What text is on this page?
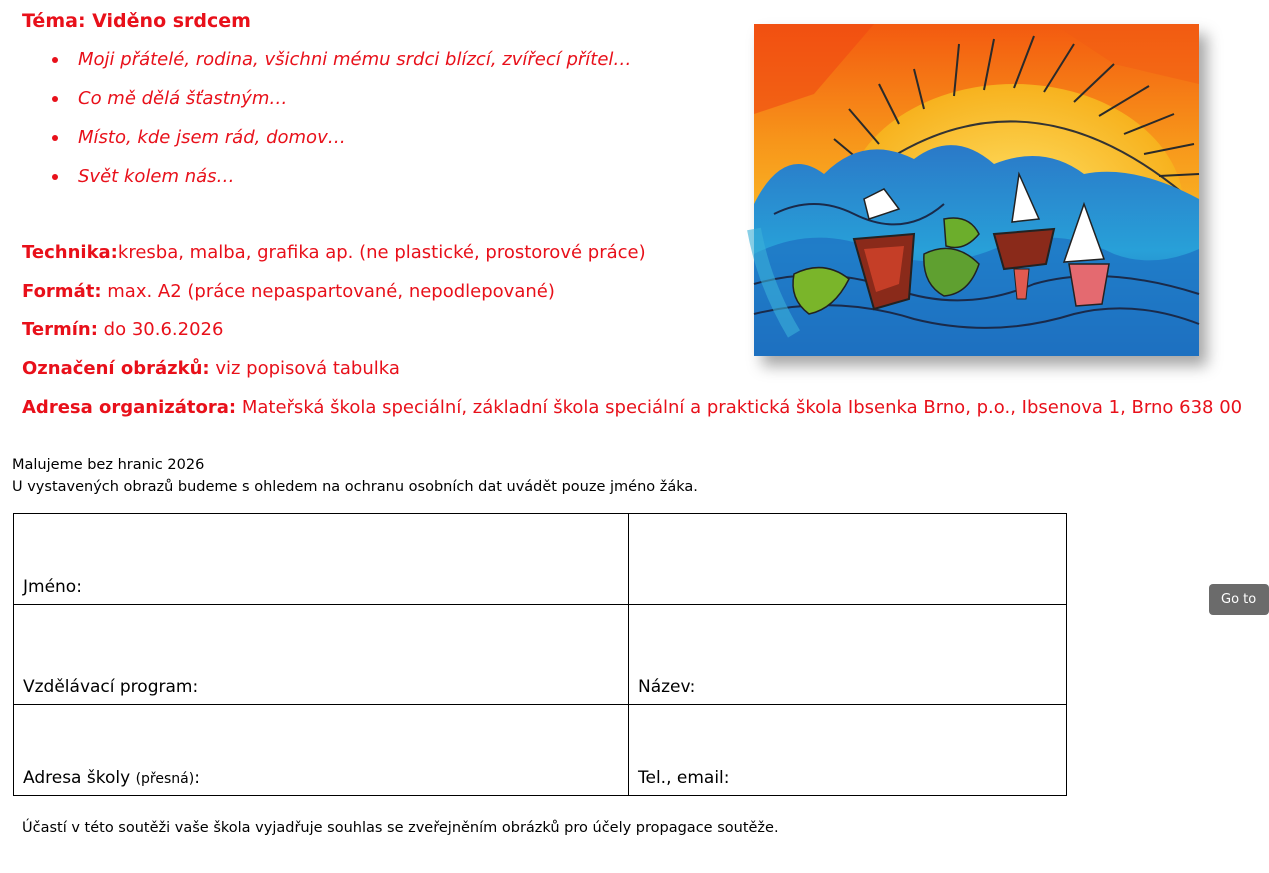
Téma: Viděno srdcem
Moji přátelé, rodina, všichni mému srdci blízcí, zvířecí přítel…
Co mě dělá šťastným…
Místo, kde jsem rád, domov…
Svět kolem nás…
Technika:kresba, malba, grafika ap. (ne plastické, prostorové práce)
Formát: max. A2 (práce nepaspartované, nepodlepované)
Termín: do 30.6.2026
Označení obrázků: viz popisová tabulka
Adresa organizátora: Mateřská škola speciální, základní škola speciální a praktická škola Ibsenka Brno, p.o., Ibsenova 1, Brno 638 00
Malujeme bez hranic 2026
U vystavených obrazů budeme s ohledem na ochranu osobních dat uvádět pouze jméno žáka.
Jméno:	
Vzdělávací program:	Název:
Adresa školy (přesná):	Tel., email:
Účastí v této soutěži vaše škola vyjadřuje souhlas se zveřejněním obrázků pro účely propagace soutěže.
Go to
